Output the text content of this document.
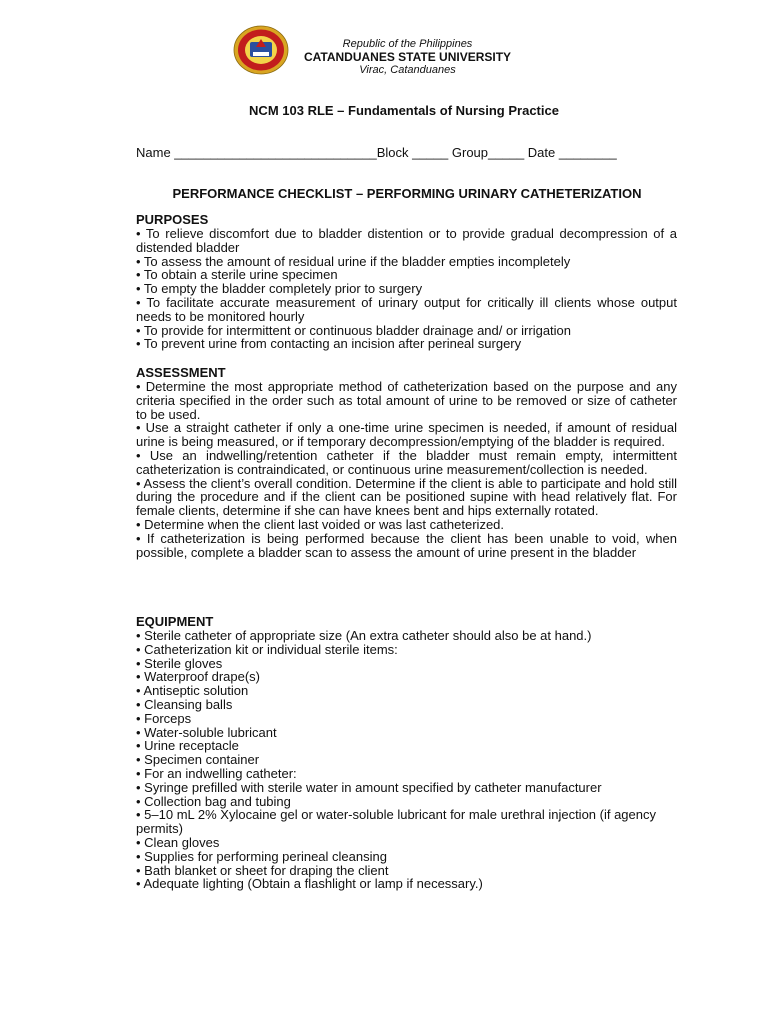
Republic of the Philippines
CATANDUANES STATE UNIVERSITY
Virac, Catanduanes
NCM 103 RLE – Fundamentals of Nursing Practice
Name ____________________________Block _____ Group_____ Date ________
PERFORMANCE CHECKLIST – PERFORMING URINARY CATHETERIZATION
PURPOSES
• To relieve discomfort due to bladder distention or to provide gradual decompression of a distended bladder
• To assess the amount of residual urine if the bladder empties incompletely
• To obtain a sterile urine specimen
• To empty the bladder completely prior to surgery
• To facilitate accurate measurement of urinary output for critically ill clients whose output needs to be monitored hourly
• To provide for intermittent or continuous bladder drainage and/ or irrigation
• To prevent urine from contacting an incision after perineal surgery
ASSESSMENT
• Determine the most appropriate method of catheterization based on the purpose and any criteria specified in the order such as total amount of urine to be removed or size of catheter to be used.
• Use a straight catheter if only a one-time urine specimen is needed, if amount of residual urine is being measured, or if temporary decompression/emptying of the bladder is required.
• Use an indwelling/retention catheter if the bladder must remain empty, intermittent catheterization is contraindicated, or continuous urine measurement/collection is needed.
• Assess the client’s overall condition. Determine if the client is able to participate and hold still during the procedure and if the client can be positioned supine with head relatively flat. For female clients, determine if she can have knees bent and hips externally rotated.
• Determine when the client last voided or was last catheterized.
• If catheterization is being performed because the client has been unable to void, when possible, complete a bladder scan to assess the amount of urine present in the bladder
EQUIPMENT
• Sterile catheter of appropriate size (An extra catheter should also be at hand.)
• Catheterization kit or individual sterile items:
• Sterile gloves
• Waterproof drape(s)
• Antiseptic solution
• Cleansing balls
• Forceps
• Water-soluble lubricant
• Urine receptacle
• Specimen container
• For an indwelling catheter:
• Syringe prefilled with sterile water in amount specified by catheter manufacturer
• Collection bag and tubing
• 5–10 mL 2% Xylocaine gel or water-soluble lubricant for male urethral injection (if agency permits)
• Clean gloves
• Supplies for performing perineal cleansing
• Bath blanket or sheet for draping the client
• Adequate lighting (Obtain a flashlight or lamp if necessary.)
